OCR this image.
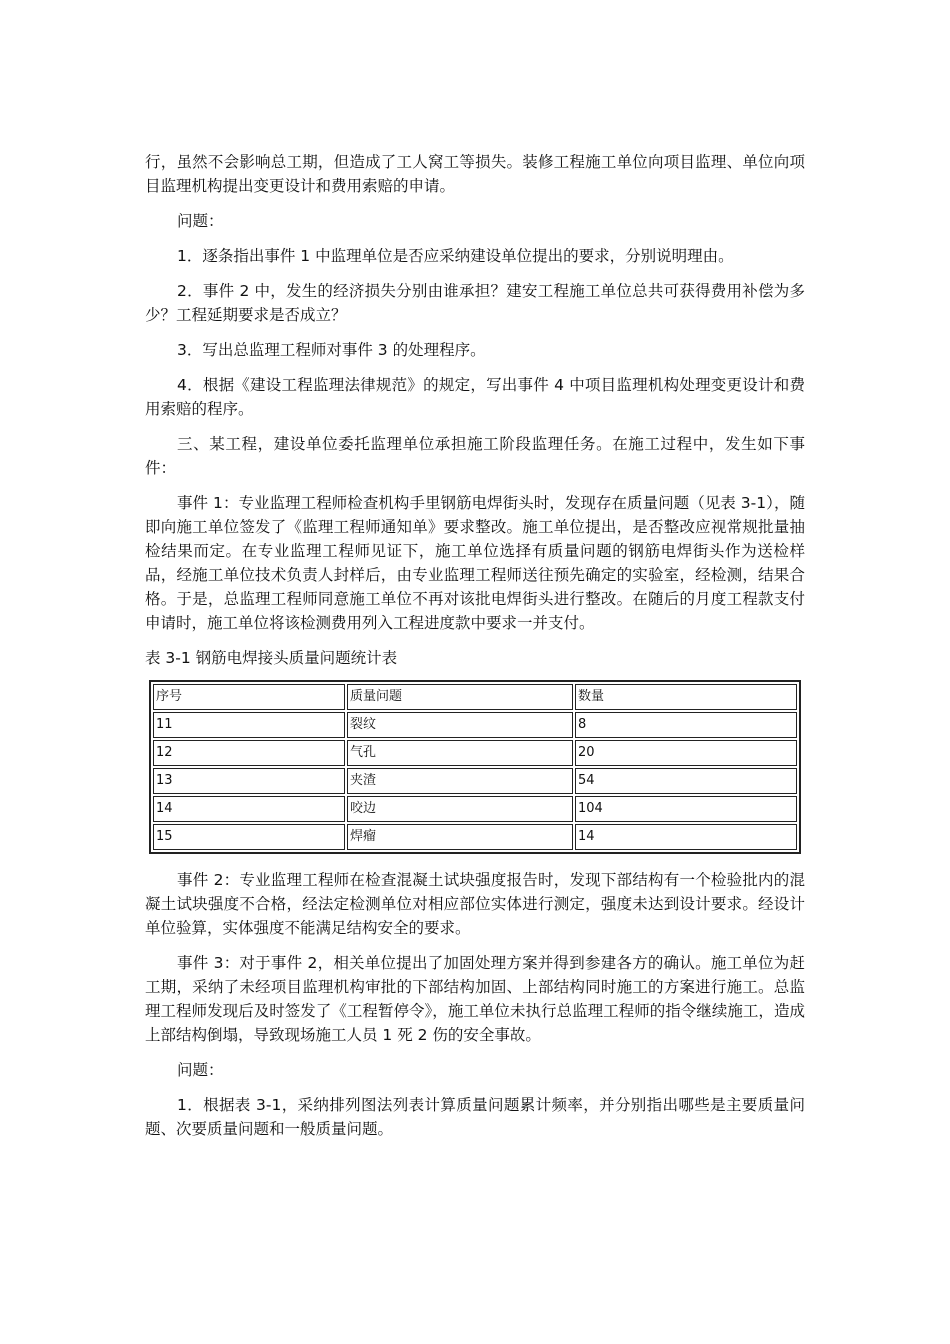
行，虽然不会影响总工期，但造成了工人窝工等损失。装修工程施工单位向项目监理、单位向项目监理机构提出变更设计和费用索赔的申请。

问题：

1．逐条指出事件 1 中监理单位是否应采纳建设单位提出的要求，分别说明理由。

2．事件 2 中，发生的经济损失分别由谁承担？建安工程施工单位总共可获得费用补偿为多少？工程延期要求是否成立？

3．写出总监理工程师对事件 3 的处理程序。

4．根据《建设工程监理法律规范》的规定，写出事件 4 中项目监理机构处理变更设计和费用索赔的程序。

三、某工程，建设单位委托监理单位承担施工阶段监理任务。在施工过程中，发生如下事件：

事件 1：专业监理工程师检查机构手里钢筋电焊街头时，发现存在质量问题（见表 3-1），随即向施工单位签发了《监理工程师通知单》要求整改。施工单位提出，是否整改应视常规批量抽检结果而定。在专业监理工程师见证下，施工单位选择有质量问题的钢筋电焊街头作为送检样品，经施工单位技术负责人封样后，由专业监理工程师送往预先确定的实验室，经检测，结果合格。于是，总监理工程师同意施工单位不再对该批电焊街头进行整改。在随后的月度工程款支付申请时，施工单位将该检测费用列入工程进度款中要求一并支付。

表 3-1 钢筋电焊接头质量问题统计表

序号	质量问题	数量
11	裂纹	8
12	气孔	20
13	夹渣	54
14	咬边	104
15	焊瘤	14

事件 2：专业监理工程师在检查混凝土试块强度报告时，发现下部结构有一个检验批内的混凝土试块强度不合格，经法定检测单位对相应部位实体进行测定，强度未达到设计要求。经设计单位验算，实体强度不能满足结构安全的要求。

事件 3：对于事件 2，相关单位提出了加固处理方案并得到参建各方的确认。施工单位为赶工期，采纳了未经项目监理机构审批的下部结构加固、上部结构同时施工的方案进行施工。总监理工程师发现后及时签发了《工程暂停令》，施工单位未执行总监理工程师的指令继续施工，造成上部结构倒塌，导致现场施工人员 1 死 2 伤的安全事故。

问题：

1．根据表 3-1，采纳排列图法列表计算质量问题累计频率，并分别指出哪些是主要质量问题、次要质量问题和一般质量问题。
